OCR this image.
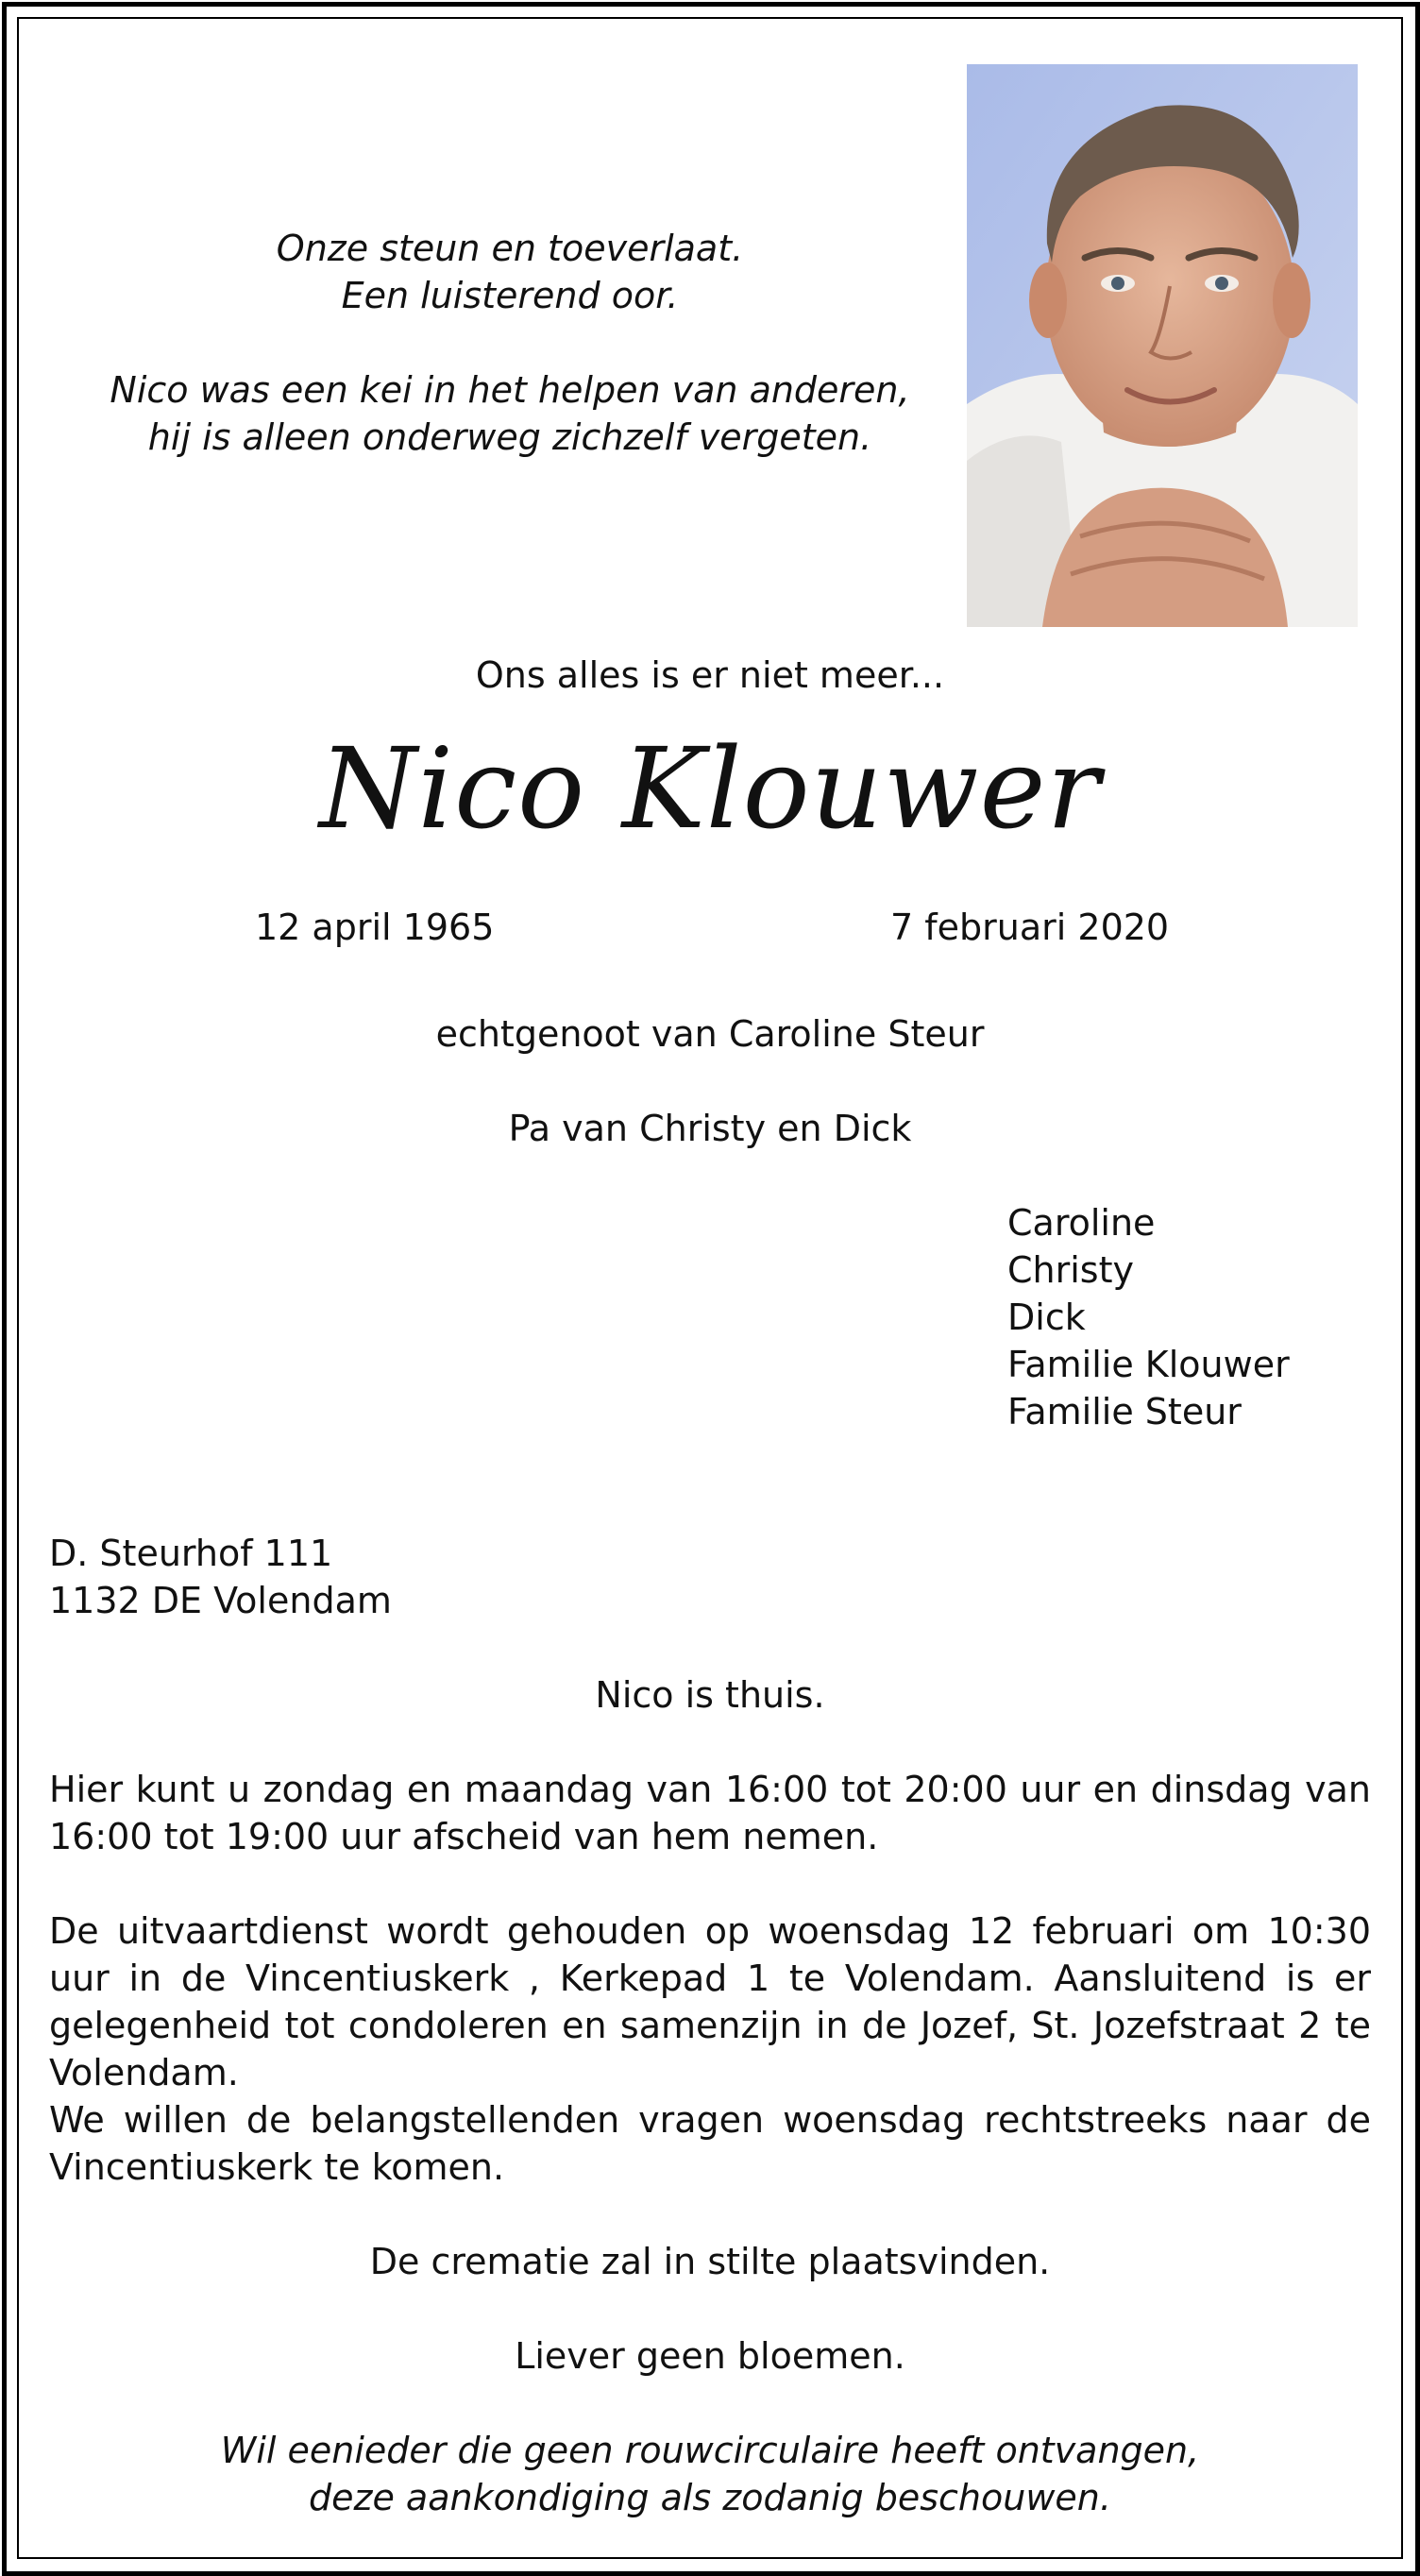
Onze steun en toeverlaat.

Een luisterend oor.

Nico was een kei in het helpen van anderen,

hij is alleen onderweg zichzelf vergeten.

Ons alles is er niet meer...
Nico Klouwer
12 april 1965	7 februari 2020
echtgenoot van Caroline Steur
Pa van Christy en Dick
Caroline
Christy
Dick
Familie Klouwer
Familie Steur
D. Steurhof 111
1132 DE Volendam
Nico is thuis.
Hier kunt u zondag en maandag van 16:00 tot 20:00 uur en dinsdag van 16:00 tot 19:00 uur afscheid van hem nemen.
De uitvaartdienst wordt gehouden op woensdag 12 februari om 10:30 uur in de Vincentiuskerk , Kerkepad 1 te Volendam. Aansluitend is er gelegenheid tot condoleren en samenzijn in de Jozef, St. Jozefstraat 2 te Volendam.
We willen de belangstellenden vragen woensdag rechtstreeks naar de Vincentiuskerk te komen.
De crematie zal in stilte plaatsvinden.
Liever geen bloemen.
Wil eenieder die geen rouwcirculaire heeft ontvangen,
deze aankondiging als zodanig beschouwen.
